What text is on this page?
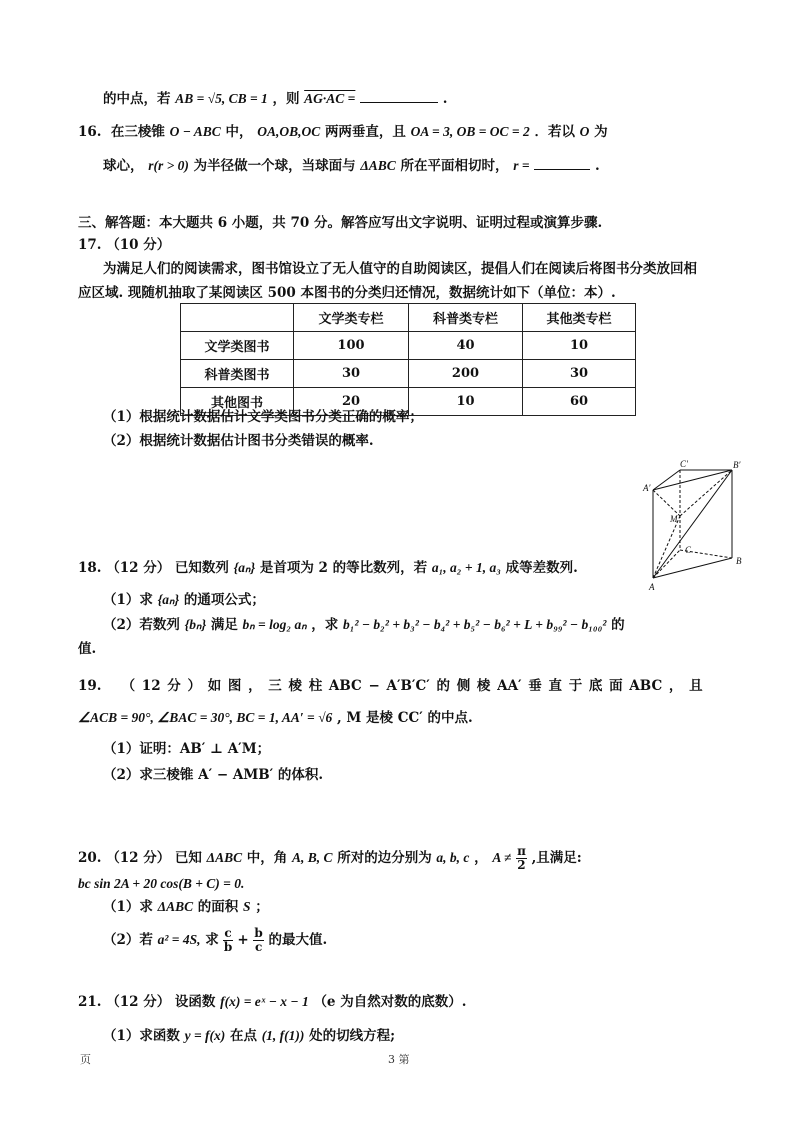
的中点，若 AB = √5, CB = 1 ，则 AG·AC =	.
16. 在三棱锥 O − ABC 中， OA,OB,OC 两两垂直，且 OA = 3, OB = OC = 2 ．若以 O 为
球心， r(r > 0) 为半径做一个球，当球面与 ΔABC 所在平面相切时， r =	.
三、解答题：本大题共 6 小题，共 70 分。解答应写出文字说明、证明过程或演算步骤.
17. （10 分）
为满足人们的阅读需求，图书馆设立了无人值守的自助阅读区，提倡人们在阅读后将图书分类放回相
应区域. 现随机抽取了某阅读区 500 本图书的分类归还情况，数据统计如下（单位：本）.
	文学类专栏	科普类专栏	其他类专栏
文学类图书	100	40	10
科普类图书	30	200	30
其他图书	20	10	60
（1）根据统计数据估计文学类图书分类正确的概率；
（2）根据统计数据估计图书分类错误的概率.
C′	B′
A′
M
C
A
B
18. （12 分） 已知数列 {aₙ} 是首项为 2 的等比数列，若 a₁, a₂ + 1, a₃ 成等差数列.
（1）求 {aₙ} 的通项公式；
（2）若数列 {bₙ} 满足 bₙ = log₂ aₙ ，求 b₁² − b₂² + b₃² − b₄² + b₅² − b₆² + L + b₉₉² − b₁₀₀² 的
值.
19. （ 12 分 ） 如 图 ， 三 棱 柱 ABC − A′B′C′ 的 侧 棱 AA′ 垂 直 于 底 面 ABC ， 且
∠ACB = 90°, ∠BAC = 30°, BC = 1, AA′ = √6 , M 是棱 CC′ 的中点.
（1）证明：AB′ ⊥ A′M；
（2）求三棱锥 A′ − AMB′ 的体积.
20. （12 分） 已知 ΔABC 中，角 A, B, C 所对的边分别为 a, b, c ， $A \ne \frac{\pi}{2}$ ,且满足:
bc sin 2A + 20 cos(B + C) = 0.
（1）求 ΔABC 的面积 S ；
（2）若 a² = 4S, 求 $\frac{c}{b} + \frac{b}{c}$ 的最大值.
21. （12 分） 设函数 f(x) = eˣ − x − 1 （e 为自然对数的底数）.
（1）求函数 y = f(x) 在点 (1, f(1)) 处的切线方程;
页	3 第
